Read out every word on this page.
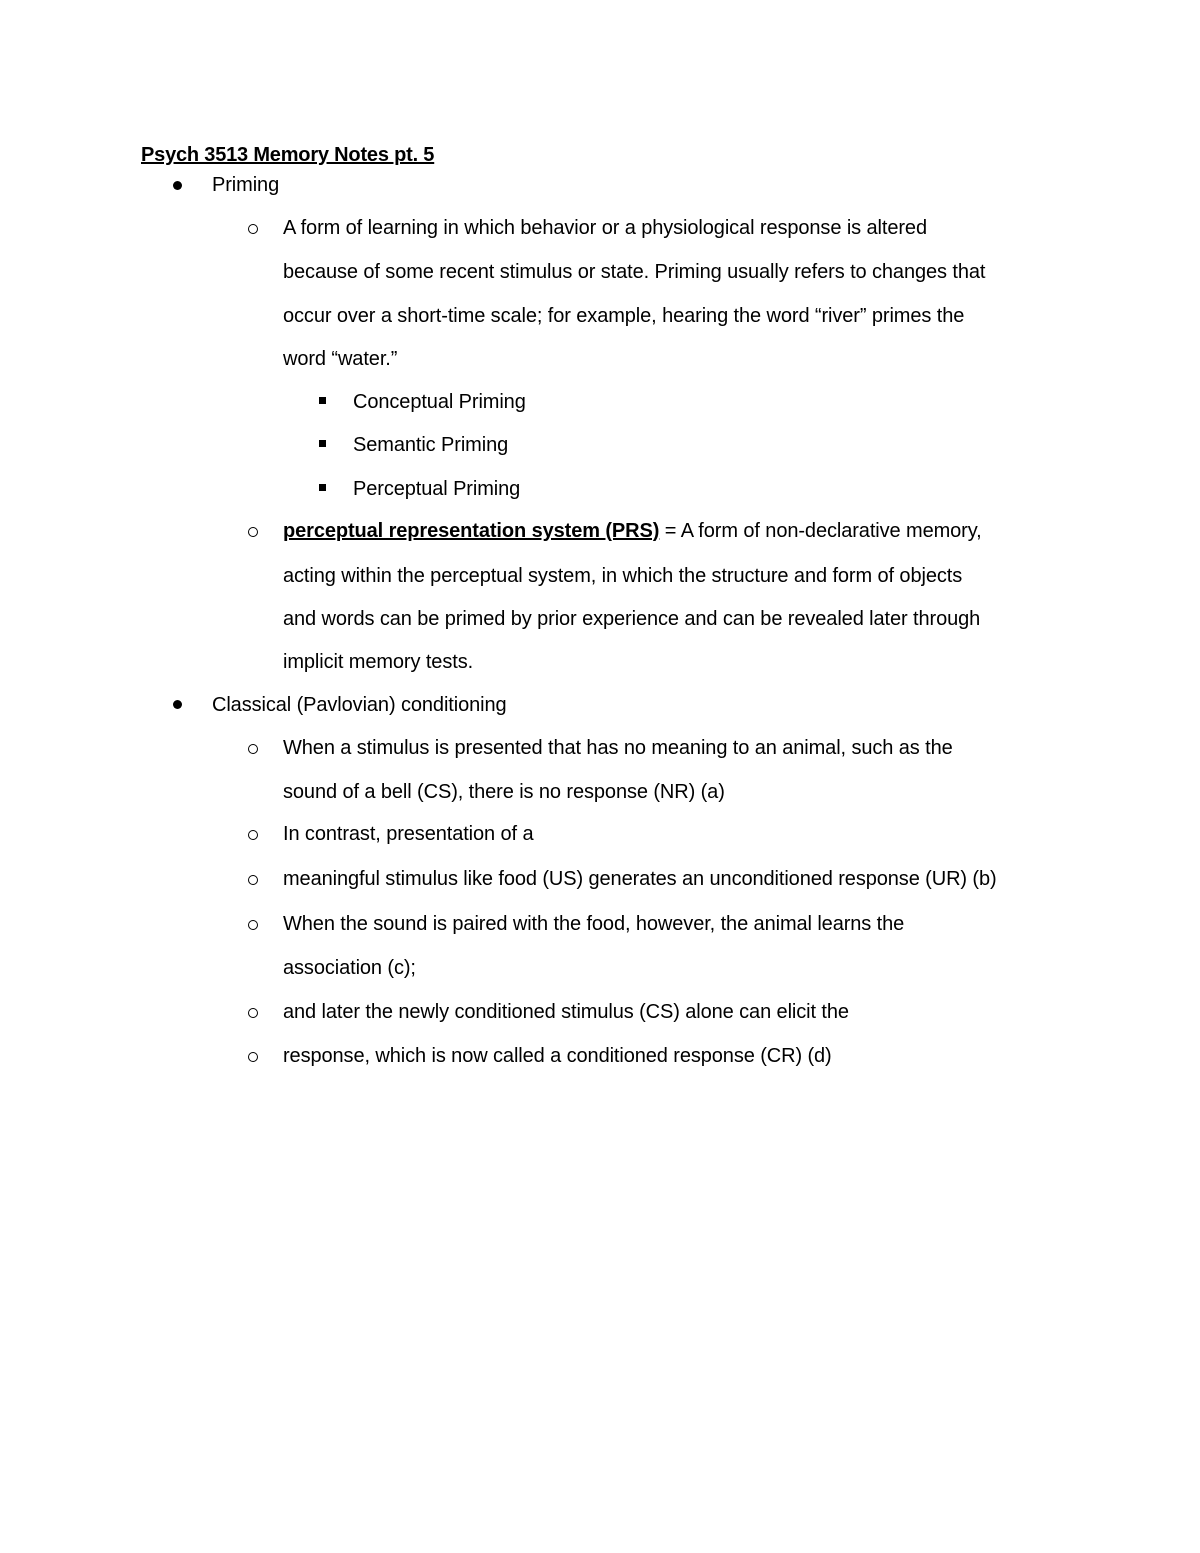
Psych 3513 Memory Notes pt. 5
Priming
A form of learning in which behavior or a physiological response is altered
because of some recent stimulus or state. Priming usually refers to changes that
occur over a short-time scale; for example, hearing the word “river” primes the
word “water.”
Conceptual Priming
Semantic Priming
Perceptual Priming
perceptual representation system (PRS) = A form of non-declarative memory,
acting within the perceptual system, in which the structure and form of objects
and words can be primed by prior experience and can be revealed later through
implicit memory tests.
Classical (Pavlovian) conditioning
When a stimulus is presented that has no meaning to an animal, such as the
sound of a bell (CS), there is no response (NR) (a)
In contrast, presentation of a
meaningful stimulus like food (US) generates an unconditioned response (UR) (b)
When the sound is paired with the food, however, the animal learns the
association (c);
and later the newly conditioned stimulus (CS) alone can elicit the
response, which is now called a conditioned response (CR) (d)
